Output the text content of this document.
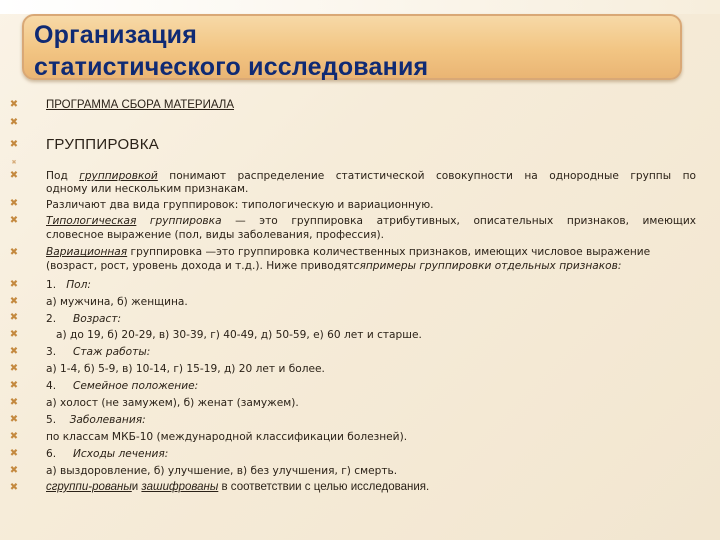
Организация
статистического исследования
✖
✖
✖
✖
✖
✖
✖
✖
✖
✖
✖
✖
✖
✖
✖
✖
✖
✖
✖
✖
✖
ПРОГРАММА СБОРА МАТЕРИАЛА
ГРУППИРОВКА
Под группировкой понимают распределение статистической совокупности на однородные группы по
одному или нескольким признакам.
Различают два вида группировок: типологическую и вариационную.
Типологическая группировка — это группировка атрибутивных, описательных признаков, имеющих
словесное выражение (пол, виды заболевания, профессия).
Вариационная группировка —это группировка количественных признаков, имеющих числовое выражение
(возраст, рост, уровень дохода и т.д.). Ниже приводятсяпримеры группировки отдельных признаков:
1. Пол:
а) мужчина, б) женщина.
2. Возраст:
а) до 19, б) 20-29, в) 30-39, г) 40-49, д) 50-59, е) 60 лет и старше.
3. Стаж работы:
а) 1-4, б) 5-9, в) 10-14, г) 15-19, д) 20 лет и более.
4. Семейное положение:
а) холост (не замужем), б) женат (замужем).
5. Заболевания:
по классам МКБ-10 (международной классификации болезней).
6. Исходы лечения:
а) выздоровление, б) улучшение, в) без улучшения, г) смерть.
сгруппи-рованыи зашифрованы в соответствии с целью исследования.
